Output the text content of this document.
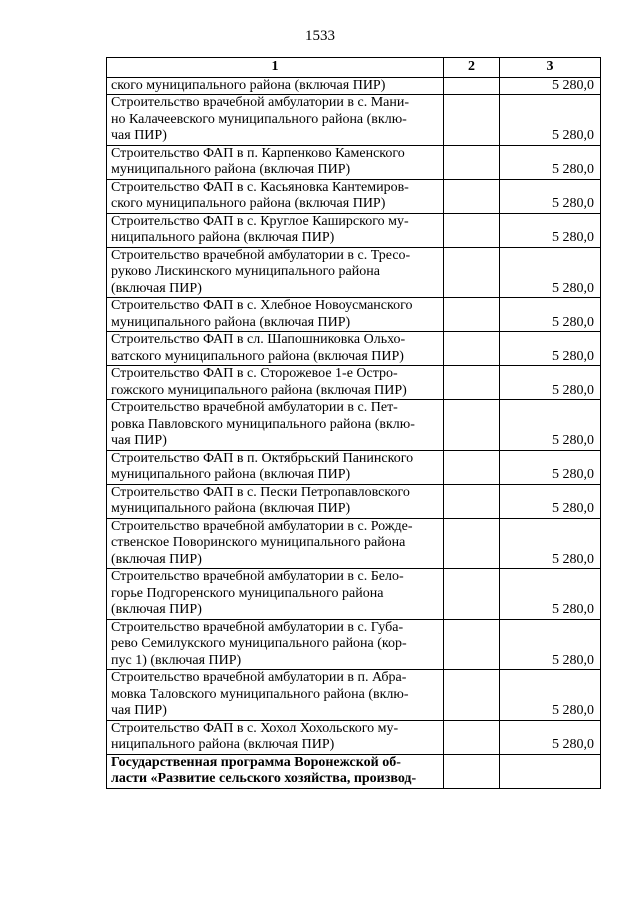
1533
1	2	3

ского муниципального района (включая ПИР)		5 280,0

Строительство врачебной амбулатории в с. Мани-
но Калачеевского муниципального района (вклю-
чая ПИР)		5 280,0

Строительство ФАП в п. Карпенково Каменского
муниципального района (включая ПИР)		5 280,0

Строительство ФАП в с. Касьяновка Кантемиров-
ского муниципального района (включая ПИР)		5 280,0

Строительство ФАП в с. Круглое Каширского му-
ниципального района (включая ПИР)		5 280,0

Строительство врачебной амбулатории в с. Тресо-
руково Лискинского муниципального района
(включая ПИР)		5 280,0

Строительство ФАП в с. Хлебное Новоусманского
муниципального района (включая ПИР)		5 280,0

Строительство ФАП в сл. Шапошниковка Ольхо-
ватского муниципального района (включая ПИР)		5 280,0

Строительство ФАП в с. Сторожевое 1-е Остро-
гожского муниципального района (включая ПИР)		5 280,0

Строительство врачебной амбулатории в с. Пет-
ровка Павловского муниципального района (вклю-
чая ПИР)		5 280,0

Строительство ФАП в п. Октябрьский Панинского
муниципального района (включая ПИР)		5 280,0

Строительство ФАП в с. Пески Петропавловского
муниципального района (включая ПИР)		5 280,0

Строительство врачебной амбулатории в с. Рожде-
ственское Поворинского муниципального района
(включая ПИР)		5 280,0

Строительство врачебной амбулатории в с. Бело-
горье Подгоренского муниципального района
(включая ПИР)		5 280,0

Строительство врачебной амбулатории в с. Губа-
рево Семилукского муниципального района (кор-
пус 1) (включая ПИР)		5 280,0

Строительство врачебной амбулатории в п. Абра-
мовка Таловского муниципального района (вклю-
чая ПИР)		5 280,0

Строительство ФАП в с. Хохол Хохольского му-
ниципального района (включая ПИР)		5 280,0

Государственная программа Воронежской об-
ласти «Развитие сельского хозяйства, производ-		
